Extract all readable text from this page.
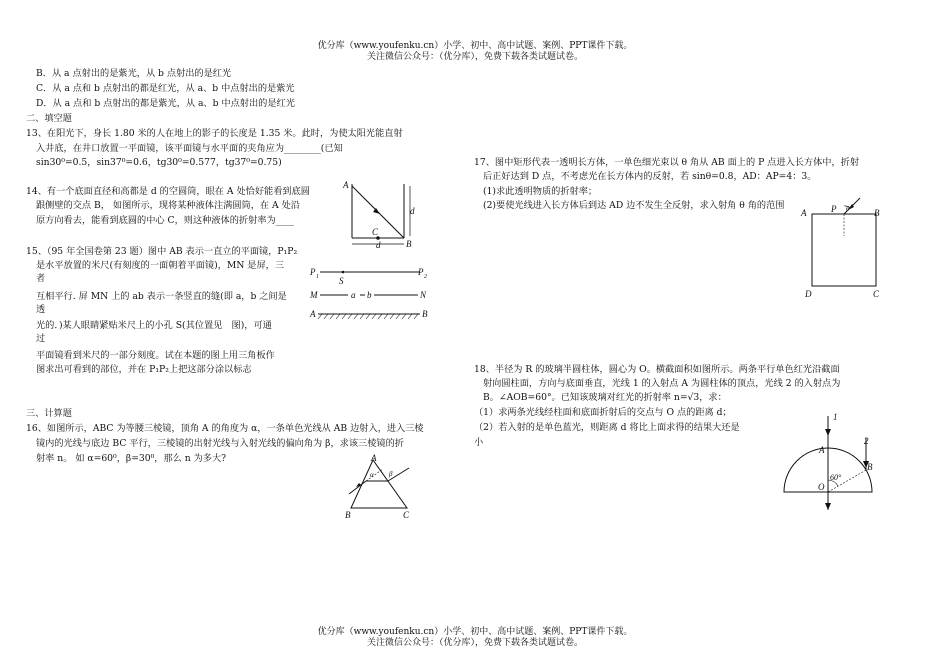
优分库（www.youfenku.cn）小学、初中、高中试题、案例、PPT课件下载。
关注微信公众号：（优分库），免费下载各类试题试卷。
B．从 a 点射出的是紫光，从 b 点射出的是红光
C．从 a 点和 b 点射出的都是红光，从 a、b 中点射出的是紫光
D．从 a 点和 b 点射出的都是紫光，从 a、b 中点射出的是红光
二、填空题
13、在阳光下，身长 1.80 米的人在地上的影子的长度是 1.35 米。此时，为使太阳光能直射
入井底，在井口放置一平面镜，该平面镜与水平面的夹角应为________(已知
sin30⁰=0.5，sin37⁰=0.6，tg30⁰=0.577，tg37⁰=0.75)
14、有一个底面直径和高都是 d 的空圆筒，眼在 A 处恰好能看到底圆
跟侧壁的交点 B， 如图所示，现将某种液体注满圆筒，在 A 处沿
原方向看去，能看到底圆的中心 C，则这种液体的折射率为____
15、（95 年全国卷第 23 题）图中 AB 表示一直立的平面镜，P₁P₂
是水平放置的米尺(有刻度的一面朝着平面镜)，MN 是屏，三
者
互相平行. 屏 MN 上的 ab 表示一条竖直的缝(即 a，b 之间是
透
光的．)某人眼睛紧贴米尺上的小孔 S(其位置见　图)，可通
过
平面镜看到米尺的一部分刻度。试在本题的图上用三角板作
图求出可看到的部位，并在 P₁P₂上把这部分涂以标志
三、计算题
16、如图所示，ABC 为等腰三棱镜，顶角 A 的角度为 α，一条单色光线从 AB 边射入，进入三棱
镜内的光线与底边 BC 平行，三棱镜的出射光线与入射光线的偏向角为 β，求该三棱镜的折
射率 n。 如 α=60⁰，β=30⁰，那么 n 为多大?
A
B
C
d
d
P 1	P 2
S
M	a b	N
A	B
A
B	C
α β
17、图中矩形代表一透明长方体，一单色细光束以 θ 角从 AB 面上的 P 点进入长方体中，折射
后正好达到 D 点，不考虑光在长方体内的反射，若 sinθ=0.8，AD：AP=4：3。
(1)求此透明物质的折射率；
(2)要使光线进入长方体后到达 AD 边不发生全反射，求入射角 θ 角的范围
A	P θ	B
D	C
18、半径为 R 的玻璃半圆柱体，圆心为 O。横截面积如图所示。两条平行单色红光沿截面
射向圆柱面，方向与底面垂直，光线 1 的入射点 A 为圆柱体的顶点，光线 2 的入射点为
B。∠AOB=60°。已知该玻璃对红光的折射率 n=√3，求：
（1）求两条光线经柱面和底面折射后的交点与 O 点的距离 d；
（2）若入射的是单色蓝光，则距离 d 将比上面求得的结果大还是
小
1
2
A
B
60°
O
优分库（www.youfenku.cn）小学、初中、高中试题、案例、PPT课件下载。
关注微信公众号：（优分库），免费下载各类试题试卷。
